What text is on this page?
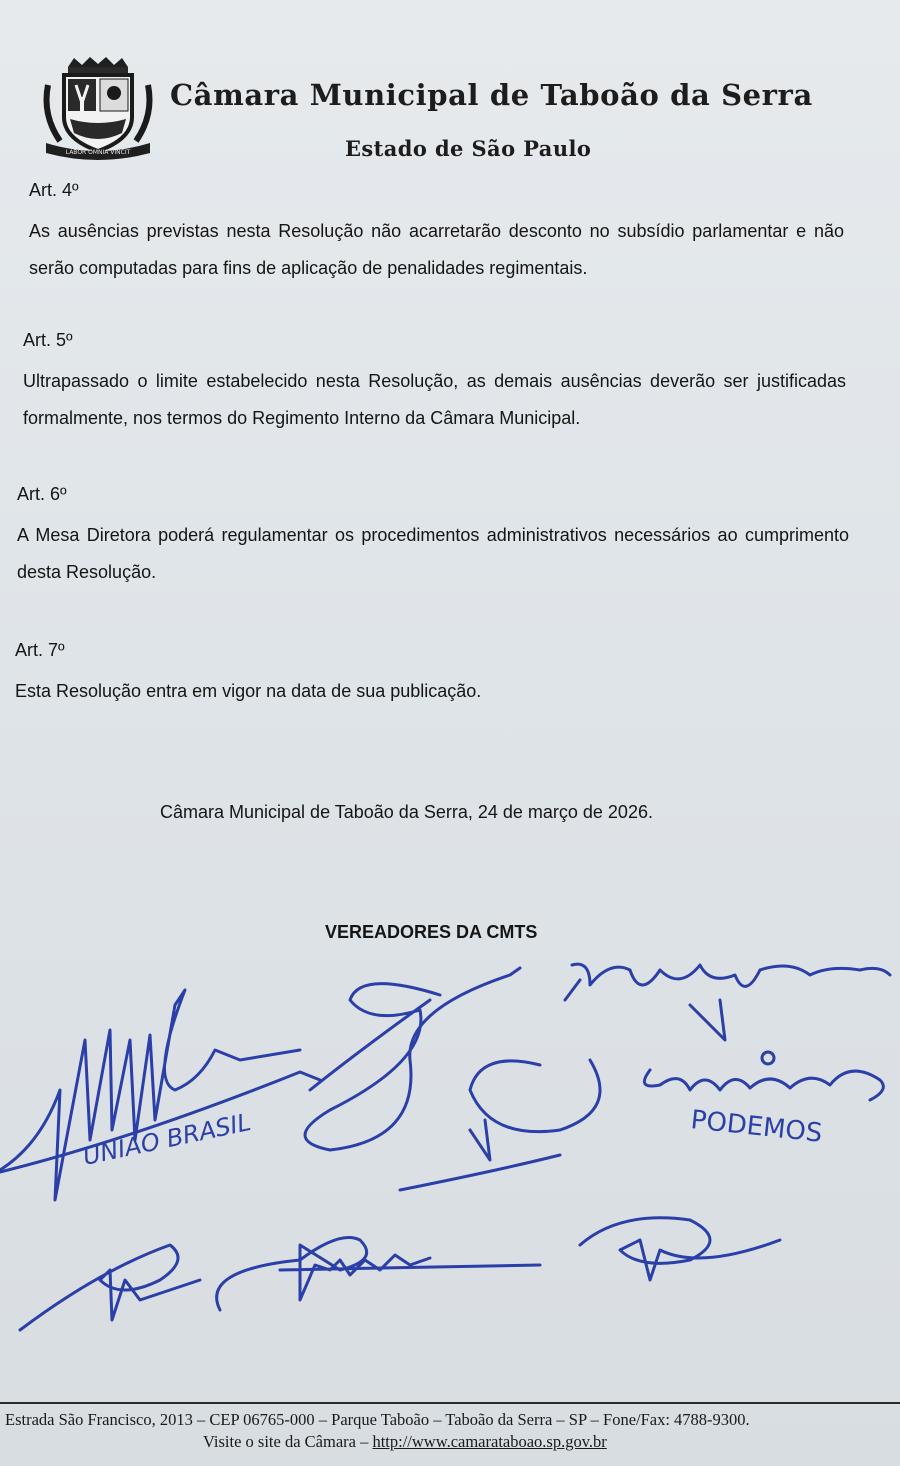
LABOR OMNIA VINCIT
Câmara Municipal de Taboão da Serra
Estado de São Paulo

Art. 4º

As ausências previstas nesta Resolução não acarretarão desconto no subsídio parlamentar e não serão computadas para fins de aplicação de penalidades regimentais.

Art. 5º

Ultrapassado o limite estabelecido nesta Resolução, as demais ausências deverão ser justificadas formalmente, nos termos do Regimento Interno da Câmara Municipal.

Art. 6º

A Mesa Diretora poderá regulamentar os procedimentos administrativos necessários ao cumprimento desta Resolução.

Art. 7º

Esta Resolução entra em vigor na data de sua publicação.

Câmara Municipal de Taboão da Serra, 24 de março de 2026.
VEREADORES DA CMTS
UNIÃO BRASIL	PODEMOS
Estrada São Francisco, 2013 – CEP 06765-000 – Parque Taboão – Taboão da Serra – SP – Fone/Fax: 4788-9300.
Visite o site da Câmara – http://www.camarataboao.sp.gov.br
